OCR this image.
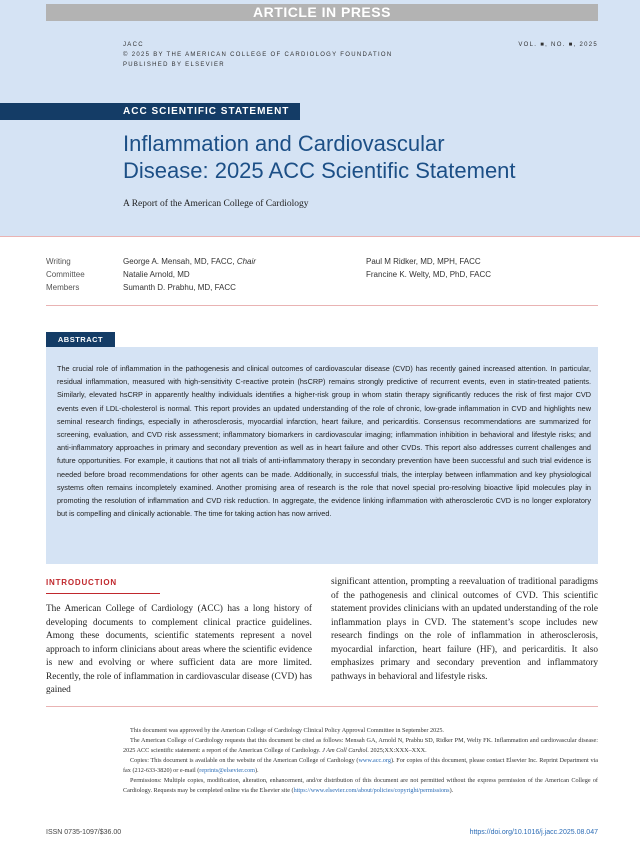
ARTICLE IN PRESS
JACC
© 2025 BY THE AMERICAN COLLEGE OF CARDIOLOGY FOUNDATION
PUBLISHED BY ELSEVIER
VOL. ■, NO. ■, 2025
ACC SCIENTIFIC STATEMENT
Inflammation and Cardiovascular
Disease: 2025 ACC Scientific Statement
A Report of the American College of Cardiology
Writing
Committee
Members
George A. Mensah, MD, FACC, Chair
Natalie Arnold, MD
Sumanth D. Prabhu, MD, FACC
Paul M Ridker, MD, MPH, FACC
Francine K. Welty, MD, PhD, FACC
ABSTRACT

The crucial role of inflammation in the pathogenesis and clinical outcomes of cardiovascular disease (CVD) has recently gained increased attention. In particular, residual inflammation, measured with high-sensitivity C-reactive protein (hsCRP) remains strongly predictive of recurrent events, even in statin-treated patients. Similarly, elevated hsCRP in apparently healthy individuals identifies a higher-risk group in whom statin therapy significantly reduces the risk of first major CVD events even if LDL-cholesterol is normal. This report provides an updated understanding of the role of chronic, low-grade inflammation in CVD and highlights new seminal research findings, especially in atherosclerosis, myocardial infarction, heart failure, and pericarditis. Consensus recommendations are summarized for screening, evaluation, and CVD risk assessment; inflammatory biomarkers in cardiovascular imaging; inflammation inhibition in behavioral and lifestyle risks; and anti-inflammatory approaches in primary and secondary prevention as well as in heart failure and other CVDs. This report also addresses current challenges and future opportunities. For example, it cautions that not all trials of anti-inflammatory therapy in secondary prevention have been successful and such trial evidence is needed before broad recommendations for other agents can be made. Additionally, in successful trials, the interplay between inflammation and key physiological systems often remains incompletely examined. Another promising area of research is the role that novel special pro-resolving bioactive lipid molecules play in promoting the resolution of inflammation and CVD risk reduction. In aggregate, the evidence linking inflammation with atherosclerotic CVD is no longer exploratory but is compelling and clinically actionable. The time for taking action has now arrived.

INTRODUCTION

The American College of Cardiology (ACC) has a long history of developing documents to complement clinical practice guidelines. Among these documents, scientific statements represent a novel approach to inform clinicians about areas where the scientific evidence is new and evolving or where sufficient data are more limited. Recently, the role of inflammation in cardiovascular disease (CVD) has gained

significant attention, prompting a reevaluation of traditional paradigms of the pathogenesis and clinical outcomes of CVD. This scientific statement provides clinicians with an updated understanding of the role inflammation plays in CVD. The statement’s scope includes new research findings on the role of inflammation in atherosclerosis, myocardial infarction, heart failure (HF), and pericarditis. It also emphasizes primary and secondary prevention and inflammatory pathways in behavioral and lifestyle risks.

This document was approved by the American College of Cardiology Clinical Policy Approval Committee in September 2025.

The American College of Cardiology requests that this document be cited as follows: Mensah GA, Arnold N, Prabhu SD, Ridker PM, Welty FK. Inflammation and cardiovascular disease: 2025 ACC scientific statement: a report of the American College of Cardiology. J Am Coll Cardiol. 2025;XX:XXX–XXX.

Copies: This document is available on the website of the American College of Cardiology (www.acc.org). For copies of this document, please contact Elsevier Inc. Reprint Department via fax (212-633-3820) or e-mail (reprints@elsevier.com).

Permissions: Multiple copies, modification, alteration, enhancement, and/or distribution of this document are not permitted without the express permission of the American College of Cardiology. Requests may be completed online via the Elsevier site (https://www.elsevier.com/about/policies/copyright/permissions).

ISSN 0735-1097/$36.00	https://doi.org/10.1016/j.jacc.2025.08.047
